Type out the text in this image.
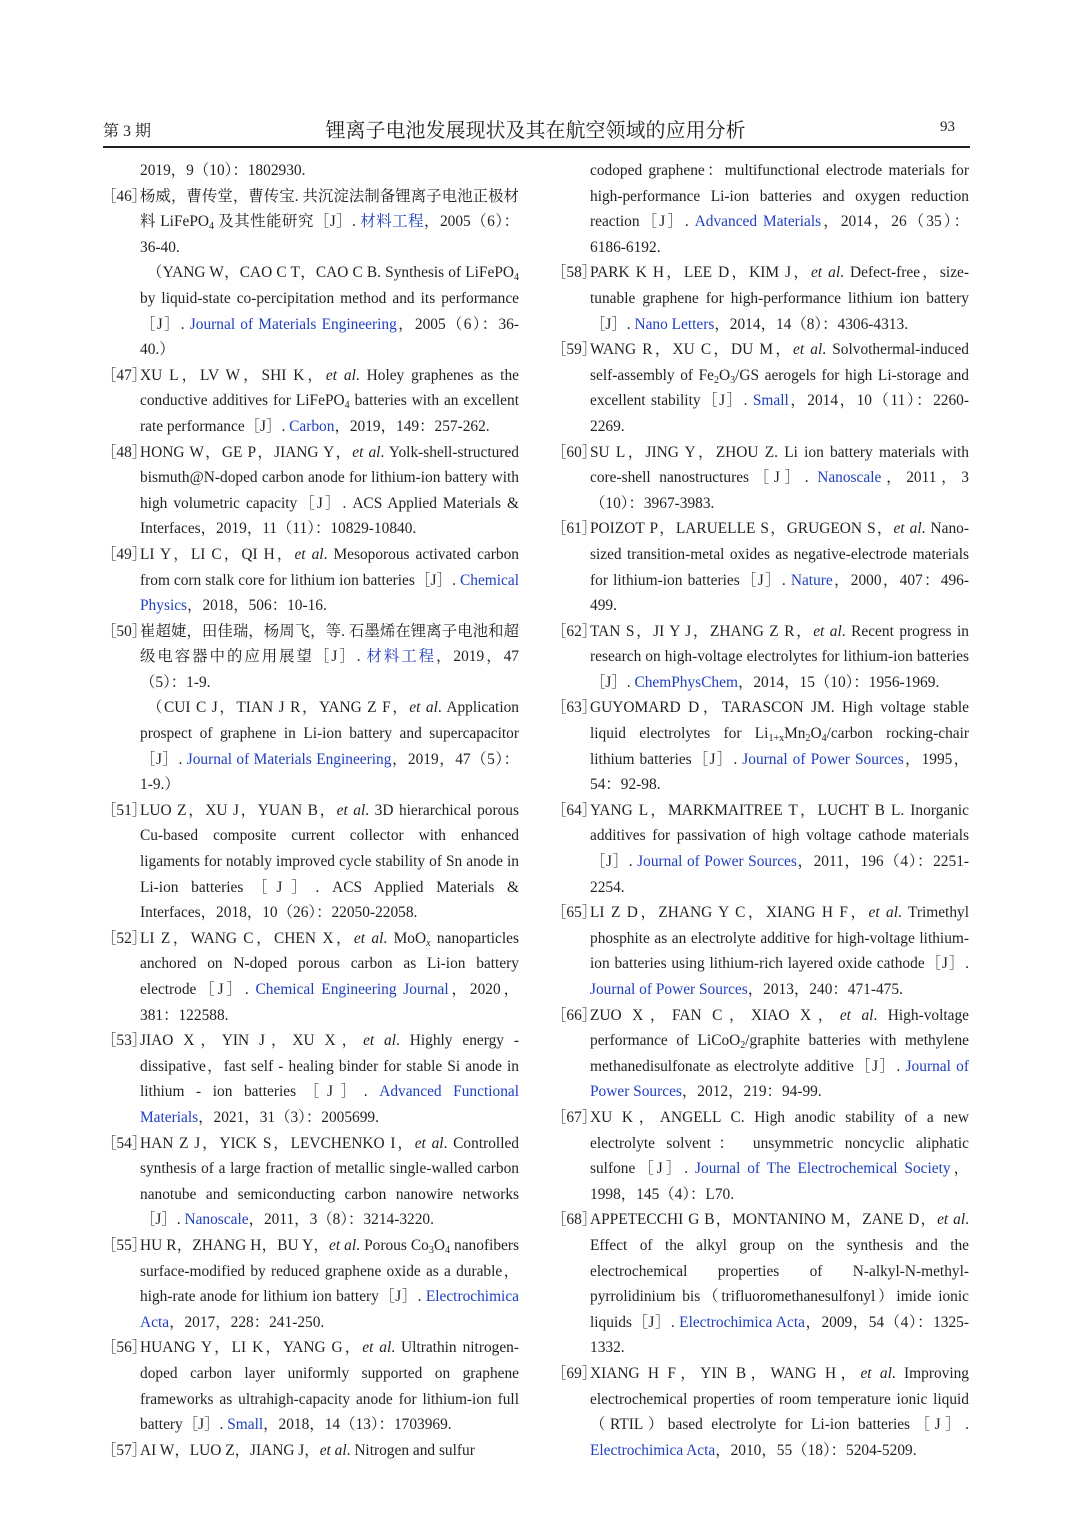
第 3 期	锂离子电池发展现状及其在航空领域的应用分析	93
2019，9（10）：1802930.
［46］
杨威，曹传堂，曹传宝. 共沉淀法制备锂离子电池正极材料 LiFePO$_4$ 及其性能研究［J］. 材料工程，2005（6）：36-40.
（YANG W，CAO C T，CAO C B. Synthesis of LiFePO$_4$ by liquid-state co-percipitation method and its performance［J］. Journal of Materials Engineering，2005（6）：36-40.）
［47］
XU L，LV W，SHI K，et al. Holey graphenes as the conductive additives for LiFePO$_4$ batteries with an excellent rate performance［J］. Carbon，2019，149：257-262.
［48］
HONG W，GE P，JIANG Y，et al. Yolk-shell-structured bismuth@N-doped carbon anode for lithium-ion battery with high volumetric capacity［J］. ACS Applied Materials & Interfaces，2019，11（11）：10829-10840.
［49］
LI Y，LI C，QI H，et al. Mesoporous activated carbon from corn stalk core for lithium ion batteries［J］. Chemical Physics，2018，506：10-16.
［50］
崔超婕，田佳瑞，杨周飞，等. 石墨烯在锂离子电池和超级电容器中的应用展望［J］. 材料工程，2019，47（5）：1-9.
（CUI C J，TIAN J R，YANG Z F，et al. Application prospect of graphene in Li-ion battery and supercapacitor［J］. Journal of Materials Engineering，2019，47（5）：1-9.）
［51］
LUO Z，XU J，YUAN B，et al. 3D hierarchical porous Cu-based composite current collector with enhanced ligaments for notably improved cycle stability of Sn anode in Li-ion batteries［J］. ACS Applied Materials & Interfaces，2018，10（26）：22050-22058.
［52］
LI Z，WANG C，CHEN X，et al. MoO$_x$ nanoparticles anchored on N-doped porous carbon as Li-ion battery electrode［J］. Chemical Engineering Journal，2020，381：122588.
［53］
JIAO X，YIN J，XU X，et al. Highly energy ‐ dissipative，fast self ‐ healing binder for stable Si anode in lithium ‐ ion batteries［J］. Advanced Functional Materials，2021，31（3）：2005699.
［54］
HAN Z J，YICK S，LEVCHENKO I，et al. Controlled synthesis of a large fraction of metallic single-walled carbon nanotube and semiconducting carbon nanowire networks［J］. Nanoscale，2011，3（8）：3214-3220.
［55］
HU R，ZHANG H，BU Y，et al. Porous $Co_3O_4$ nanofibers surface-modified by reduced graphene oxide as a durable，high-rate anode for lithium ion battery［J］. Electrochimica Acta，2017，228：241-250.
［56］
HUANG Y，LI K，YANG G，et al. Ultrathin nitrogen-doped carbon layer uniformly supported on graphene frameworks as ultrahigh-capacity anode for lithium-ion full battery［J］. Small，2018，14（13）：1703969.
［57］
AI W，LUO Z，JIANG J，et al. Nitrogen and sulfur
codoped graphene：multifunctional electrode materials for high-performance Li-ion batteries and oxygen reduction reaction［J］. Advanced Materials，2014，26（35）：6186-6192.
［58］
PARK K H，LEE D，KIM J，et al. Defect-free，size-tunable graphene for high-performance lithium ion battery［J］. Nano Letters，2014，14（8）：4306-4313.
［59］
WANG R，XU C，DU M，et al. Solvothermal-induced self-assembly of $Fe_2O_3/GS$ aerogels for high Li-storage and excellent stability［J］. Small，2014，10（11）：2260-2269.
［60］
SU L，JING Y，ZHOU Z. Li ion battery materials with core-shell nanostructures［J］. Nanoscale，2011，3（10）：3967-3983.
［61］
POIZOT P，LARUELLE S，GRUGEON S，et al. Nano-sized transition-metal oxides as negative-electrode materials for lithium-ion batteries［J］. Nature，2000，407：496-499.
［62］
TAN S，JI Y J，ZHANG Z R，et al. Recent progress in research on high-voltage electrolytes for lithium-ion batteries［J］. ChemPhysChem，2014，15（10）：1956-1969.
［63］
GUYOMARD D，TARASCON JM. High voltage stable liquid electrolytes for $Li_{1+x}Mn_2O_4$/carbon rocking-chair lithium batteries［J］. Journal of Power Sources，1995，54：92-98.
［64］
YANG L，MARKMAITREE T，LUCHT B L. Inorganic additives for passivation of high voltage cathode materials［J］. Journal of Power Sources，2011，196（4）：2251-2254.
［65］
LI Z D，ZHANG Y C，XIANG H F，et al. Trimethyl phosphite as an electrolyte additive for high-voltage lithium-ion batteries using lithium-rich layered oxide cathode［J］. Journal of Power Sources，2013，240：471-475.
［66］
ZUO X，FAN C，XIAO X，et al. High-voltage performance of LiCoO$_2$/graphite batteries with methylene methanedisulfonate as electrolyte additive［J］. Journal of Power Sources，2012，219：94-99.
［67］
XU K，ANGELL C. High anodic stability of a new electrolyte solvent： unsymmetric noncyclic aliphatic sulfone［J］. Journal of The Electrochemical Society，1998，145（4）：L70.
［68］
APPETECCHI G B，MONTANINO M，ZANE D，et al. Effect of the alkyl group on the synthesis and the electrochemical properties of N-alkyl-N-methyl-pyrrolidinium bis（trifluoromethanesulfonyl）imide ionic liquids［J］. Electrochimica Acta，2009，54（4）：1325-1332.
［69］
XIANG H F，YIN B，WANG H，et al. Improving electrochemical properties of room temperature ionic liquid（RTIL）based electrolyte for Li-ion batteries［J］. Electrochimica Acta，2010，55（18）：5204-5209.
